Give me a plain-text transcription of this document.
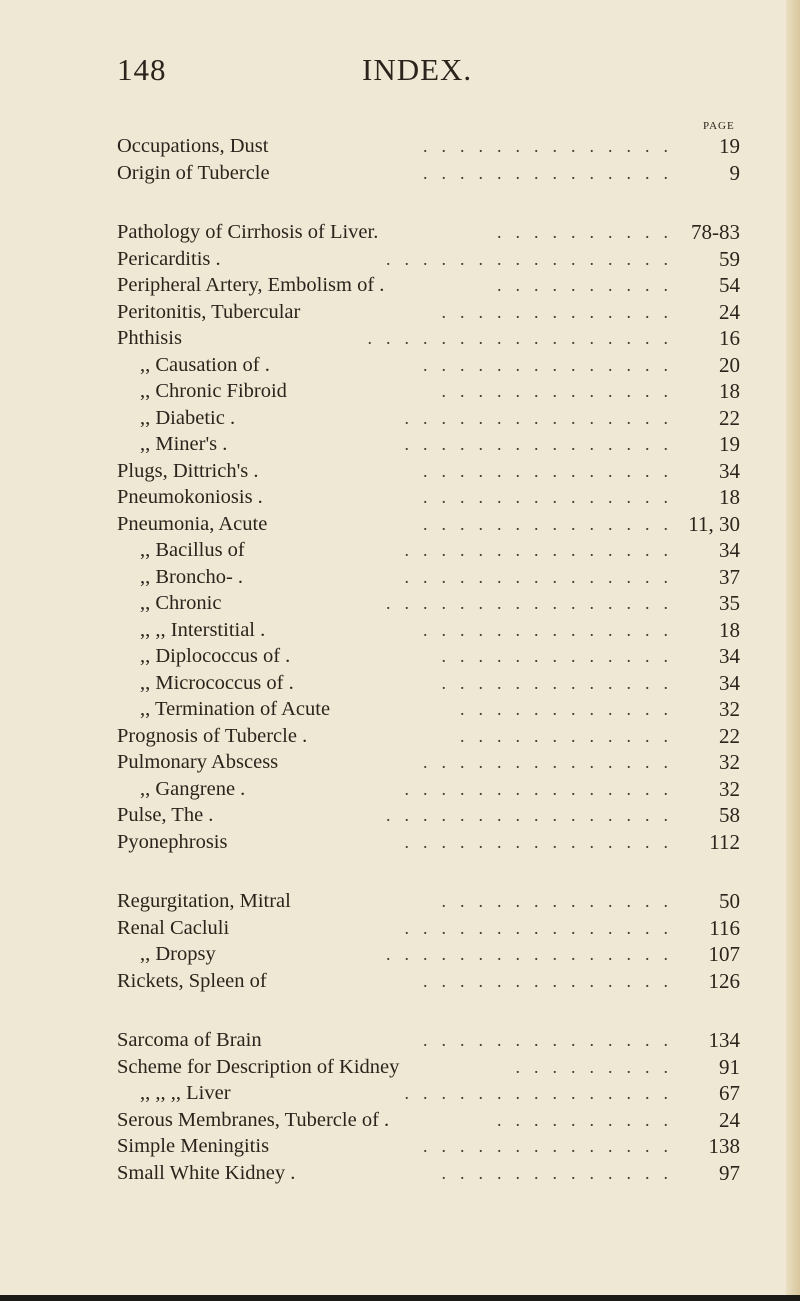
148	INDEX.
PAGE
Occupations, Dust	..............	19
Origin of Tubercle	..............	9
Pathology of Cirrhosis of Liver.	.......... 78-83
Pericarditis .	................	59
Peripheral Artery, Embolism of .	..........	54
Peritonitis, Tubercular	.............	24
Phthisis	.................	16
,, Causation of .	..............	20
,, Chronic Fibroid	.............	18
,, Diabetic .	...............	22
,, Miner's .	...............	19
Plugs, Dittrich's .	..............	34
Pneumokoniosis .	..............	18
Pneumonia, Acute	.............. 11, 30
,, Bacillus of	...............	34
,, Broncho- .	...............	37
,, Chronic	................	35
,, ,, Interstitial .	..............	18
,, Diplococcus of .	.............	34
,, Micrococcus of .	.............	34
,, Termination of Acute	............	32
Prognosis of Tubercle .	............	22
Pulmonary Abscess	..............	32
,, Gangrene .	...............	32
Pulse, The .	................	58
Pyonephrosis	...............	112
Regurgitation, Mitral	.............	50
Renal Cacluli	...............	116
,, Dropsy	................	107
Rickets, Spleen of	..............	126
Sarcoma of Brain	..............	134
Scheme for Description of Kidney	.........	91
,, ,, ,, Liver	...............	67
Serous Membranes, Tubercle of .	..........	24
Simple Meningitis	..............	138
Small White Kidney .	.............	97
